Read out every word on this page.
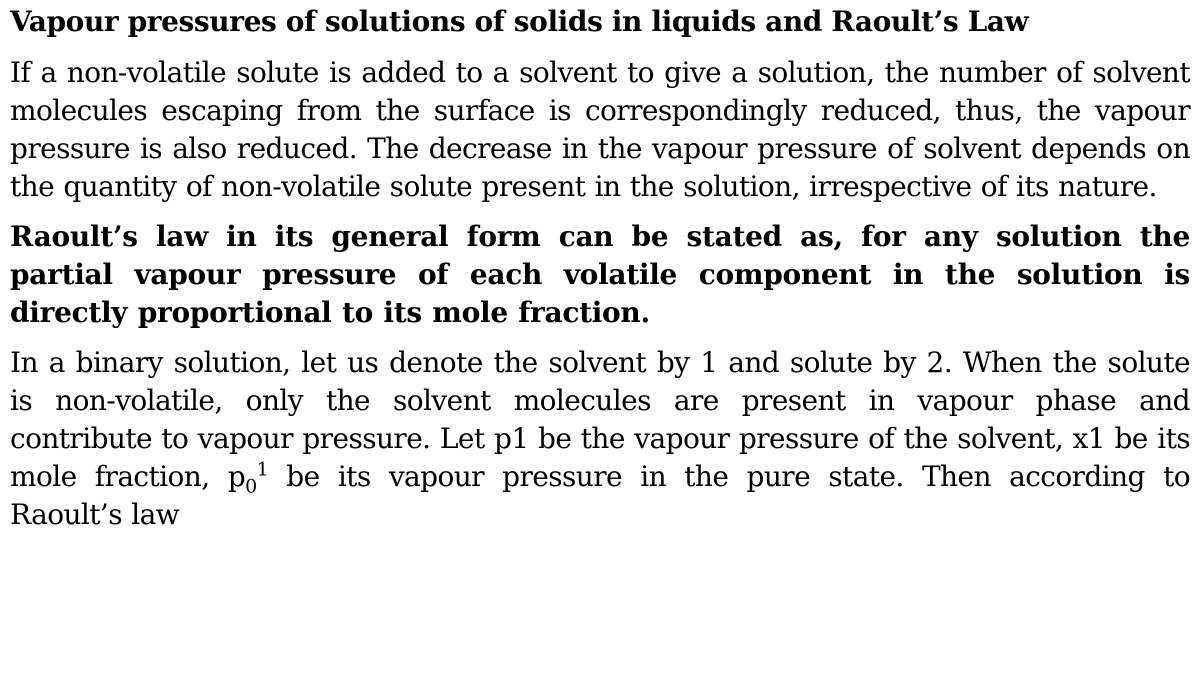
Vapour pressures of solutions of solids in liquids and Raoult’s Law

If a non-volatile solute is added to a solvent to give a solution, the number of solvent molecules escaping from the surface is correspondingly reduced, thus, the vapour pressure is also reduced. The decrease in the vapour pressure of solvent depends on the quantity of non-volatile solute present in the solution, irrespective of its nature.

Raoult’s law in its general form can be stated as, for any solution the partial vapour pressure of each volatile component in the solution is directly proportional to its mole fraction.

In a binary solution, let us denote the solvent by 1 and solute by 2. When the solute is non-volatile, only the solvent molecules are present in vapour phase and contribute to vapour pressure. Let p1 be the vapour pressure of the solvent, x1 be its mole fraction, $p_0^1$ be its vapour pressure in the pure state. Then according to Raoult’s law
